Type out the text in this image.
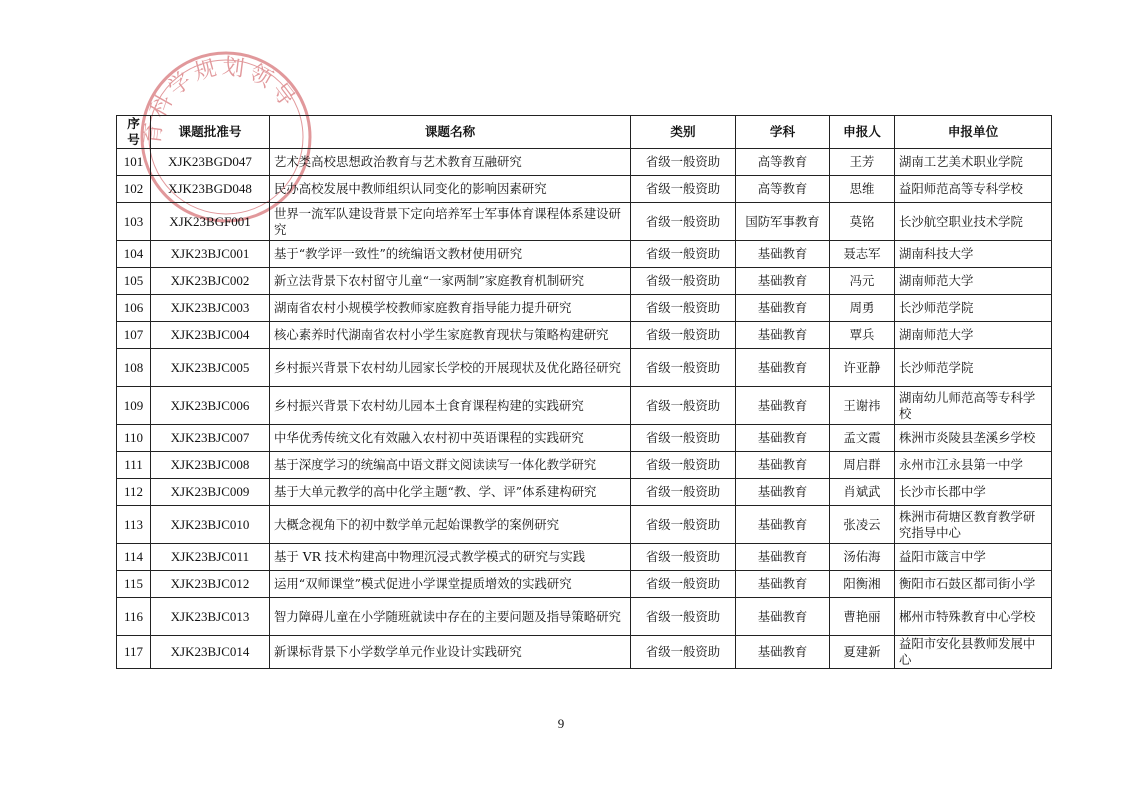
育科学规划领导
序号	课题批准号	课题名称	类别	学科	申报人	申报单位
101	XJK23BGD047	艺术类高校思想政治教育与艺术教育互融研究	省级一般资助	高等教育	王芳	湖南工艺美术职业学院
102	XJK23BGD048	民办高校发展中教师组织认同变化的影响因素研究	省级一般资助	高等教育	思维	益阳师范高等专科学校
103	XJK23BGF001	世界一流军队建设背景下定向培养军士军事体育课程体系建设研究	省级一般资助	国防军事教育	莫铭	长沙航空职业技术学院
104	XJK23BJC001	基于“教学评一致性”的统编语文教材使用研究	省级一般资助	基础教育	聂志军	湖南科技大学
105	XJK23BJC002	新立法背景下农村留守儿童“一家两制”家庭教育机制研究	省级一般资助	基础教育	冯元	湖南师范大学
106	XJK23BJC003	湖南省农村小规模学校教师家庭教育指导能力提升研究	省级一般资助	基础教育	周勇	长沙师范学院
107	XJK23BJC004	核心素养时代湖南省农村小学生家庭教育现状与策略构建研究	省级一般资助	基础教育	覃兵	湖南师范大学
108	XJK23BJC005	乡村振兴背景下农村幼儿园家长学校的开展现状及优化路径研究	省级一般资助	基础教育	许亚静	长沙师范学院
109	XJK23BJC006	乡村振兴背景下农村幼儿园本土食育课程构建的实践研究	省级一般资助	基础教育	王谢祎	湖南幼儿师范高等专科学校
110	XJK23BJC007	中华优秀传统文化有效融入农村初中英语课程的实践研究	省级一般资助	基础教育	孟文霞	株洲市炎陵县垄溪乡学校
111	XJK23BJC008	基于深度学习的统编高中语文群文阅读读写一体化教学研究	省级一般资助	基础教育	周启群	永州市江永县第一中学
112	XJK23BJC009	基于大单元教学的高中化学主题“教、学、评”体系建构研究	省级一般资助	基础教育	肖斌武	长沙市长郡中学
113	XJK23BJC010	大概念视角下的初中数学单元起始课教学的案例研究	省级一般资助	基础教育	张凌云	株洲市荷塘区教育教学研究指导中心
114	XJK23BJC011	基于 VR 技术构建高中物理沉浸式教学模式的研究与实践	省级一般资助	基础教育	汤佑海	益阳市箴言中学
115	XJK23BJC012	运用“双师课堂”模式促进小学课堂提质增效的实践研究	省级一般资助	基础教育	阳衡湘	衡阳市石鼓区都司街小学
116	XJK23BJC013	智力障碍儿童在小学随班就读中存在的主要问题及指导策略研究	省级一般资助	基础教育	曹艳丽	郴州市特殊教育中心学校
117	XJK23BJC014	新课标背景下小学数学单元作业设计实践研究	省级一般资助	基础教育	夏建新	益阳市安化县教师发展中心
9
